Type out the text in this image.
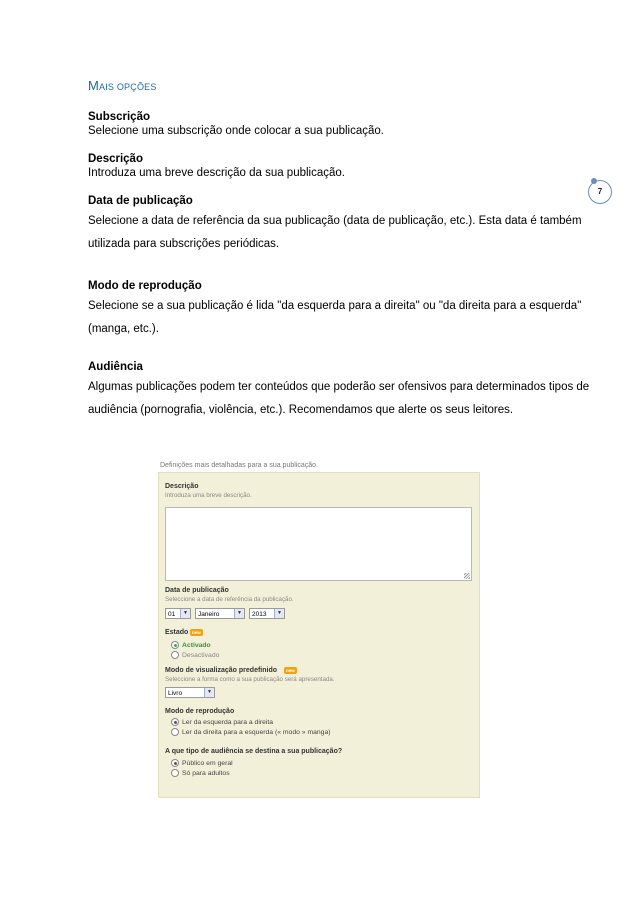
7
MAIS OPÇÕES
Subscrição
Selecione uma subscrição onde colocar a sua publicação.
Descrição
Introduza uma breve descrição da sua publicação.
Data de publicação
Selecione a data de referência da sua publicação (data de publicação, etc.). Esta data é também
utilizada para subscrições periódicas.
Modo de reprodução
Selecione se a sua publicação é lida "da esquerda para a direita" ou "da direita para a esquerda"
(manga, etc.).
Audiência
Algumas publicações podem ter conteúdos que poderão ser ofensivos para determinados tipos de
audiência (pornografia, violência, etc.). Recomendamos que alerte os seus leitores.
Definições mais detalhadas para a sua publicação.
Descrição
Introduza uma breve descrição.
Data de publicação
Seleccione a data de referência da publicação.
01	▼	Janeiro	▼	2013	▼
Estado new
Activado
Desactivado
Modo de visualização predefinido	new
Seleccione a forma como a sua publicação será apresentada.
Livro	▼
Modo de reprodução
Ler da esquerda para a direita
Ler da direita para a esquerda (« modo » manga)
A que tipo de audiência se destina a sua publicação?
Público em geral
Só para adultos
